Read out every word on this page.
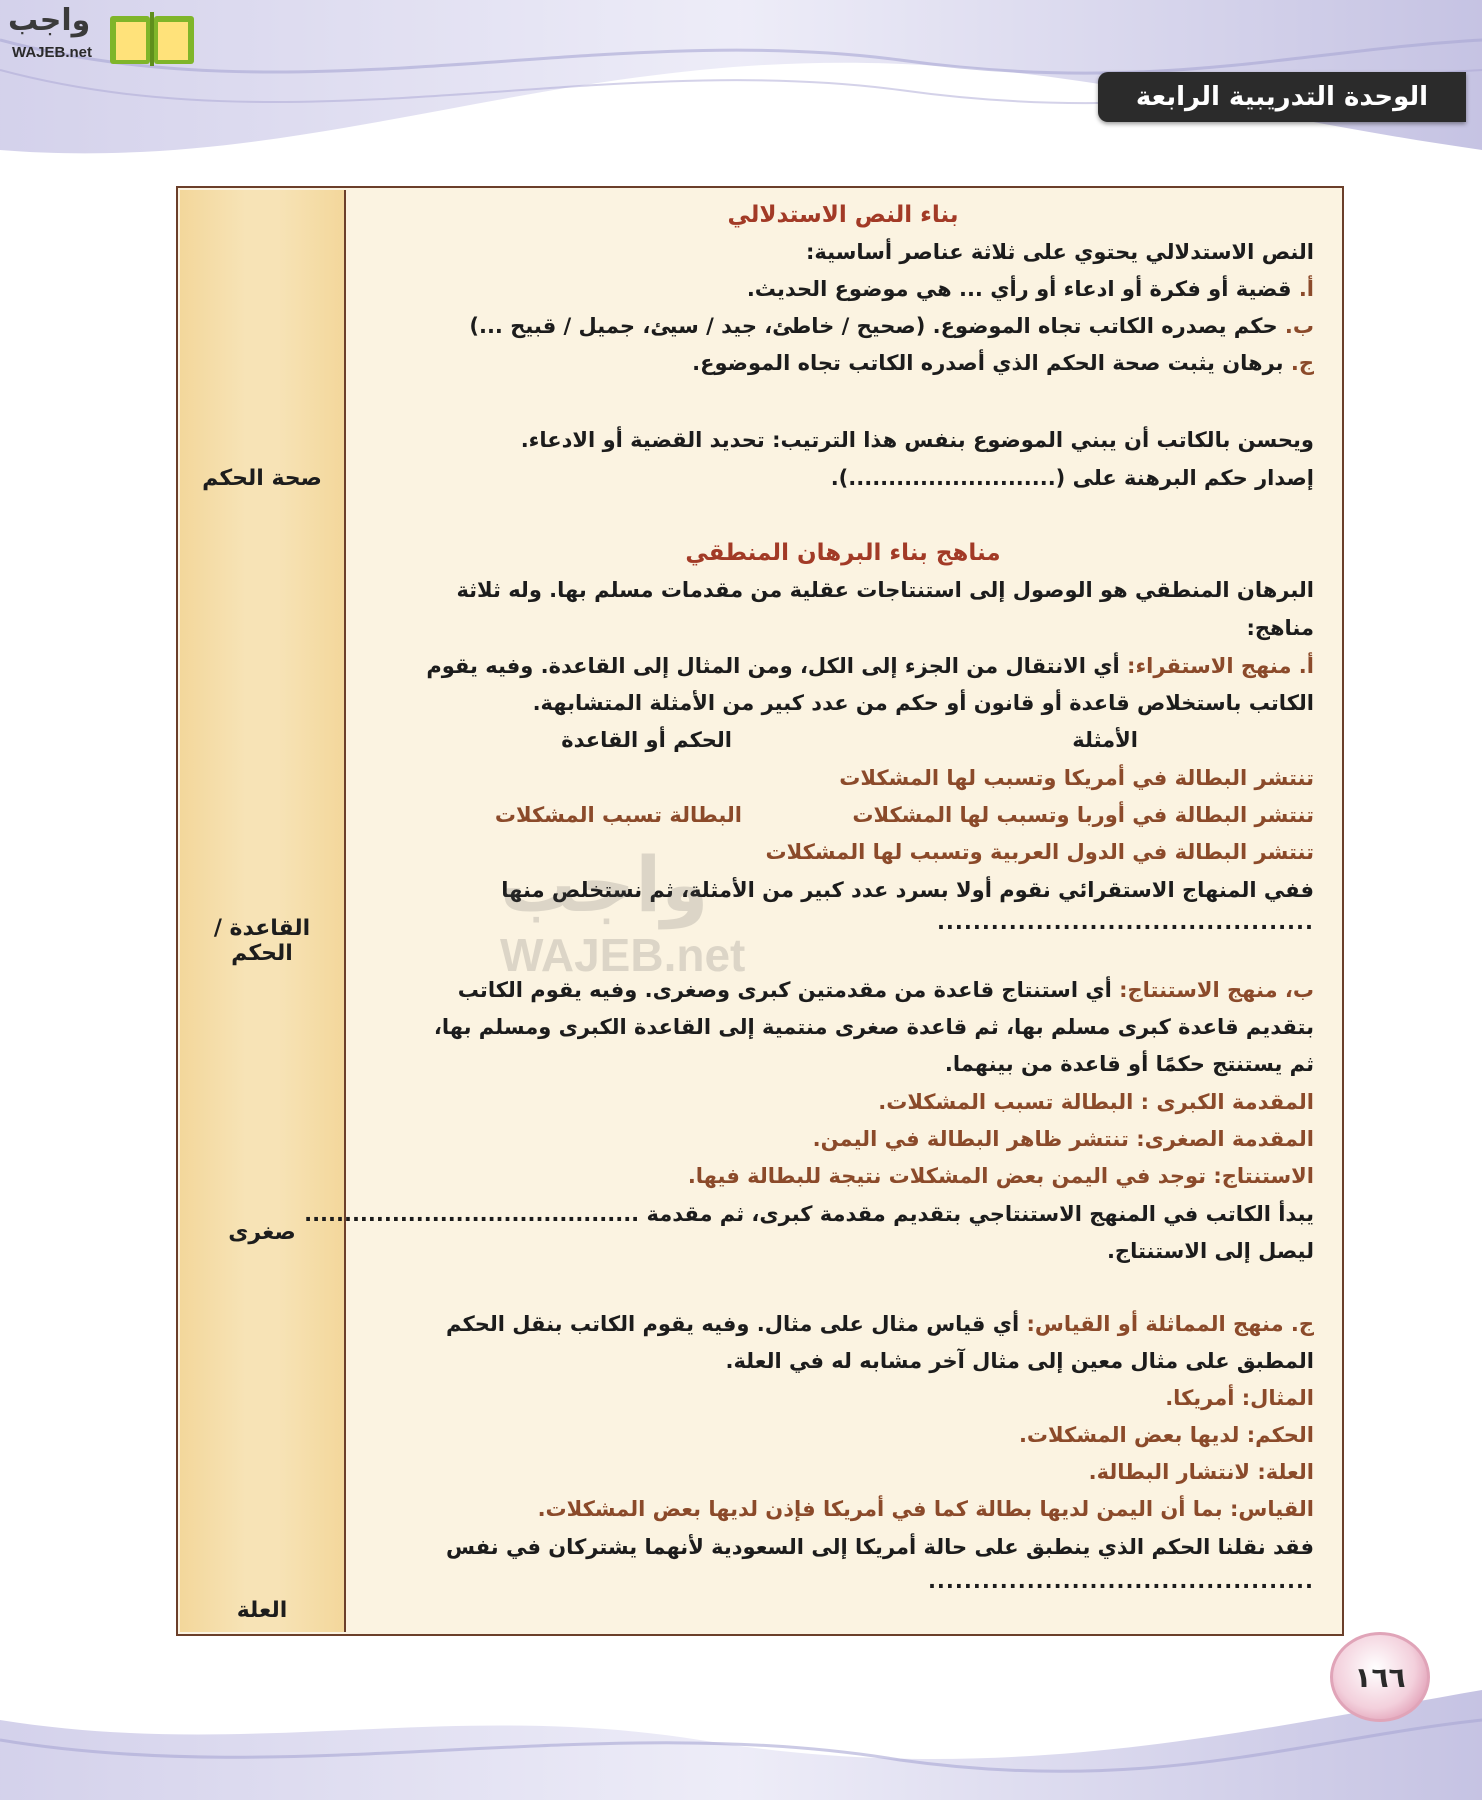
واجب
WAJEB.net
الوحدة التدريبية الرابعة
صحة الحكم
القاعدة / الحكم
صغرى
العلة
بناء النص الاستدلالي
النص الاستدلالي يحتوي على ثلاثة عناصر أساسية:
أ. قضية أو فكرة أو ادعاء أو رأي ... هي موضوع الحديث.
ب. حكم يصدره الكاتب تجاه الموضوع. (صحيح / خاطئ، جيد / سيئ، جميل / قبيح ...)
ج. برهان يثبت صحة الحكم الذي أصدره الكاتب تجاه الموضوع.
ويحسن بالكاتب أن يبني الموضوع بنفس هذا الترتيب: تحديد القضية أو الادعاء.
إصدار حكم البرهنة على (..........................).
مناهج بناء البرهان المنطقي
البرهان المنطقي هو الوصول إلى استنتاجات عقلية من مقدمات مسلم بها. وله ثلاثة
مناهج:
أ. منهج الاستقراء: أي الانتقال من الجزء إلى الكل، ومن المثال إلى القاعدة. وفيه يقوم
الكاتب باستخلاص قاعدة أو قانون أو حكم من عدد كبير من الأمثلة المتشابهة.
الأمثلة
الحكم أو القاعدة
تنتشر البطالة في أمريكا وتسبب لها المشكلات
تنتشر البطالة في أوربا وتسبب لها المشكلات
البطالة تسبب المشكلات
تنتشر البطالة في الدول العربية وتسبب لها المشكلات
ففي المنهاج الاستقرائي نقوم أولا بسرد عدد كبير من الأمثلة، ثم نستخلص منها
..........................................
ب، منهج الاستنتاج: أي استنتاج قاعدة من مقدمتين كبرى وصغرى. وفيه يقوم الكاتب
بتقديم قاعدة كبرى مسلم بها، ثم قاعدة صغرى منتمية إلى القاعدة الكبرى ومسلم بها،
ثم يستنتج حكمًا أو قاعدة من بينهما.
المقدمة الكبرى : البطالة تسبب المشكلات.
المقدمة الصغرى: تنتشر ظاهر البطالة في اليمن.
الاستنتاج: توجد في اليمن بعض المشكلات نتيجة للبطالة فيها.
يبدأ الكاتب في المنهج الاستنتاجي بتقديم مقدمة كبرى، ثم مقدمة ..........................................
ليصل إلى الاستنتاج.
ج. منهج المماثلة أو القياس: أي قياس مثال على مثال. وفيه يقوم الكاتب بنقل الحكم
المطبق على مثال معين إلى مثال آخر مشابه له في العلة.
المثال: أمريكا.
الحكم: لديها بعض المشكلات.
العلة: لانتشار البطالة.
القياس: بما أن اليمن لديها بطالة كما في أمريكا فإذن لديها بعض المشكلات.
فقد نقلنا الحكم الذي ينطبق على حالة أمريكا إلى السعودية لأنهما يشتركان في نفس
...........................................
١٦٦
